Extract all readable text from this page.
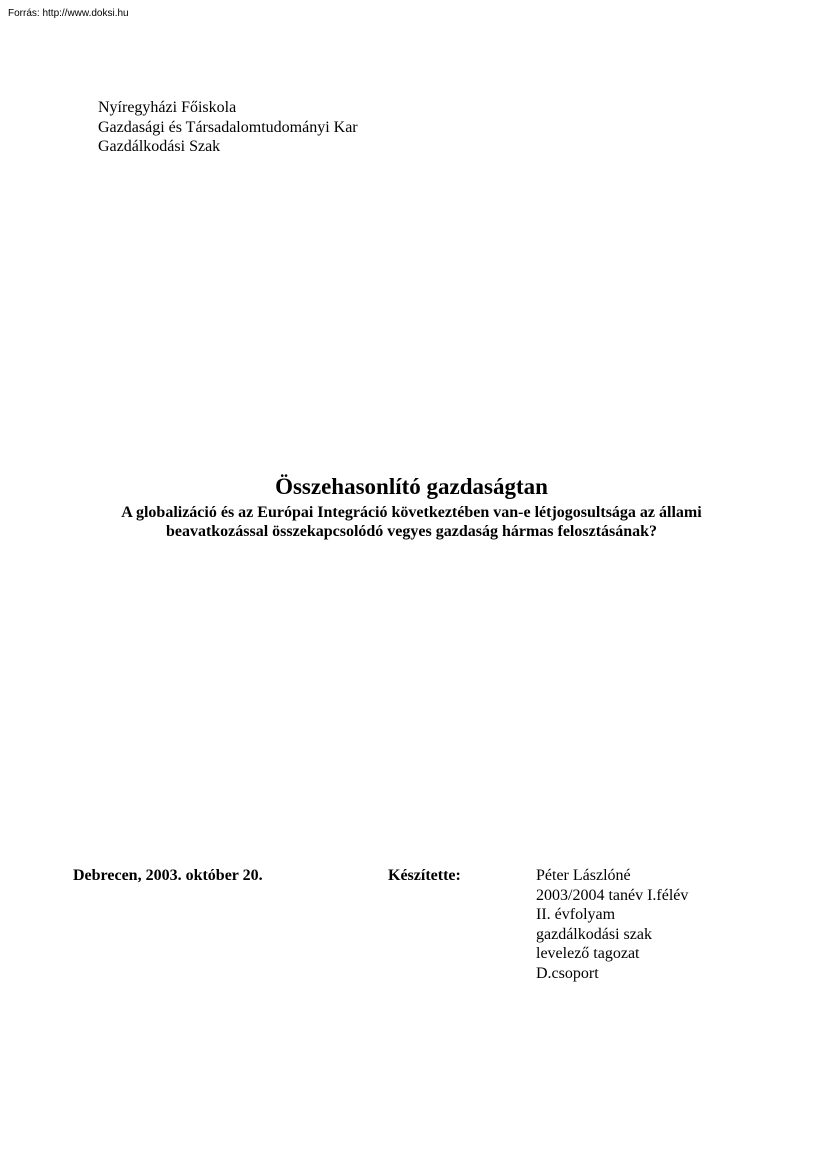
Forrás: http://www.doksi.hu
Nyíregyházi Főiskola
Gazdasági és Társadalomtudományi Kar
Gazdálkodási Szak
Összehasonlító gazdaságtan
A globalizáció és az Európai Integráció következtében van-e létjogosultsága az állami
beavatkozással összekapcsolódó vegyes gazdaság hármas felosztásának?
Debrecen, 2003. október 20.	Készítette:	Péter Lászlóné
2003/2004 tanév I.félév
II. évfolyam
gazdálkodási szak
levelező tagozat
D.csoport
